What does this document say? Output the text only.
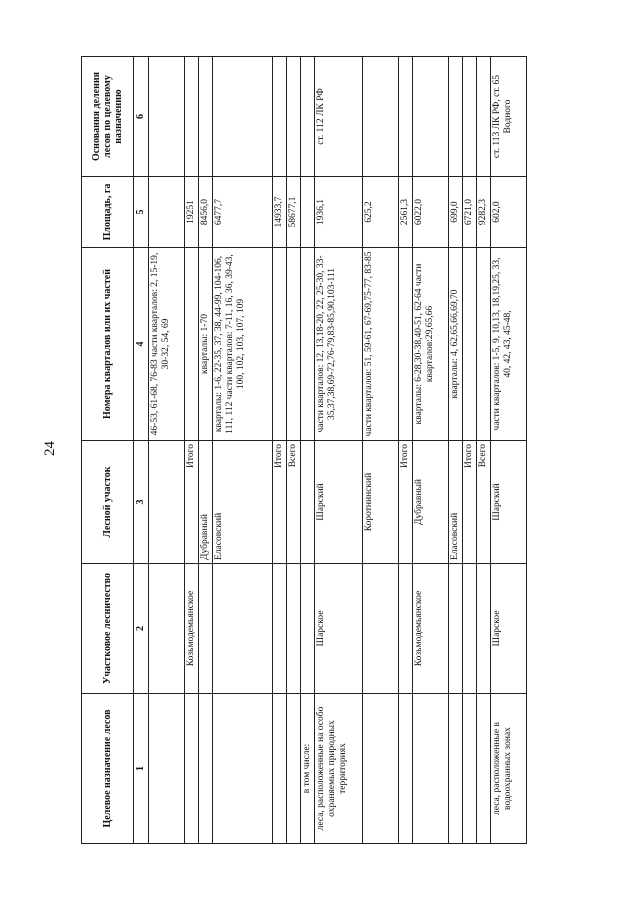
Целевое назначение лесов	Участковое лесничество	Лесной участок	Номера кварталов или их частей	Площадь, га	Основания деления лесов по целевому назначению
1	2	3	4	5	6
			46-53, 61-68, 76-83 части кварталов: 2, 15-19, 30-32, 54, 69		
	Козьмодемьянское	Итого		19251	
		Дубравный	кварталы: 1-70	8456,0	
		Еласовский	кварталы: 1-6, 22-35, 37, 38, 44-99, 104-106, 111, 112 части кварталов: 7-11, 16, 36, 39-43, 100, 102, 103, 107, 109	6477,7	
		Итого		14933,7	
		Всего		58677,1	
в том числе:					
леса, расположенные на особо охраняемых природных территориях	Шарское	Шарский	части кварталов: 12, 13,18-20, 22, 25-30, 33-35,37,38,69-72,76-79,83-85,90,103-111	1936,1	ст. 112 ЛК РФ
		Коротнинский	части кварталов: 51, 59-61, 67-69,75-77, 83-85	625,2	
		Итого		2561,3	
	Козьмодемьянское	Дубравный	кварталы: 6-28,30-38,40-51, 62-64 части кварталов:29,65,66	6022,0	
		Еласовский	кварталы: 4, 62,65,66,69,70	699,0	
		Итого		6721,0	
		Всего		9282,3	
леса, расположенные в водоохранных зонах	Шарское	Шарский	части кварталов: 1-5, 9, 10,13, 18,19,25, 33, 40, 42, 43, 45-48,	602,0	ст. 113 ЛК РФ, ст. 65 Водного
24
